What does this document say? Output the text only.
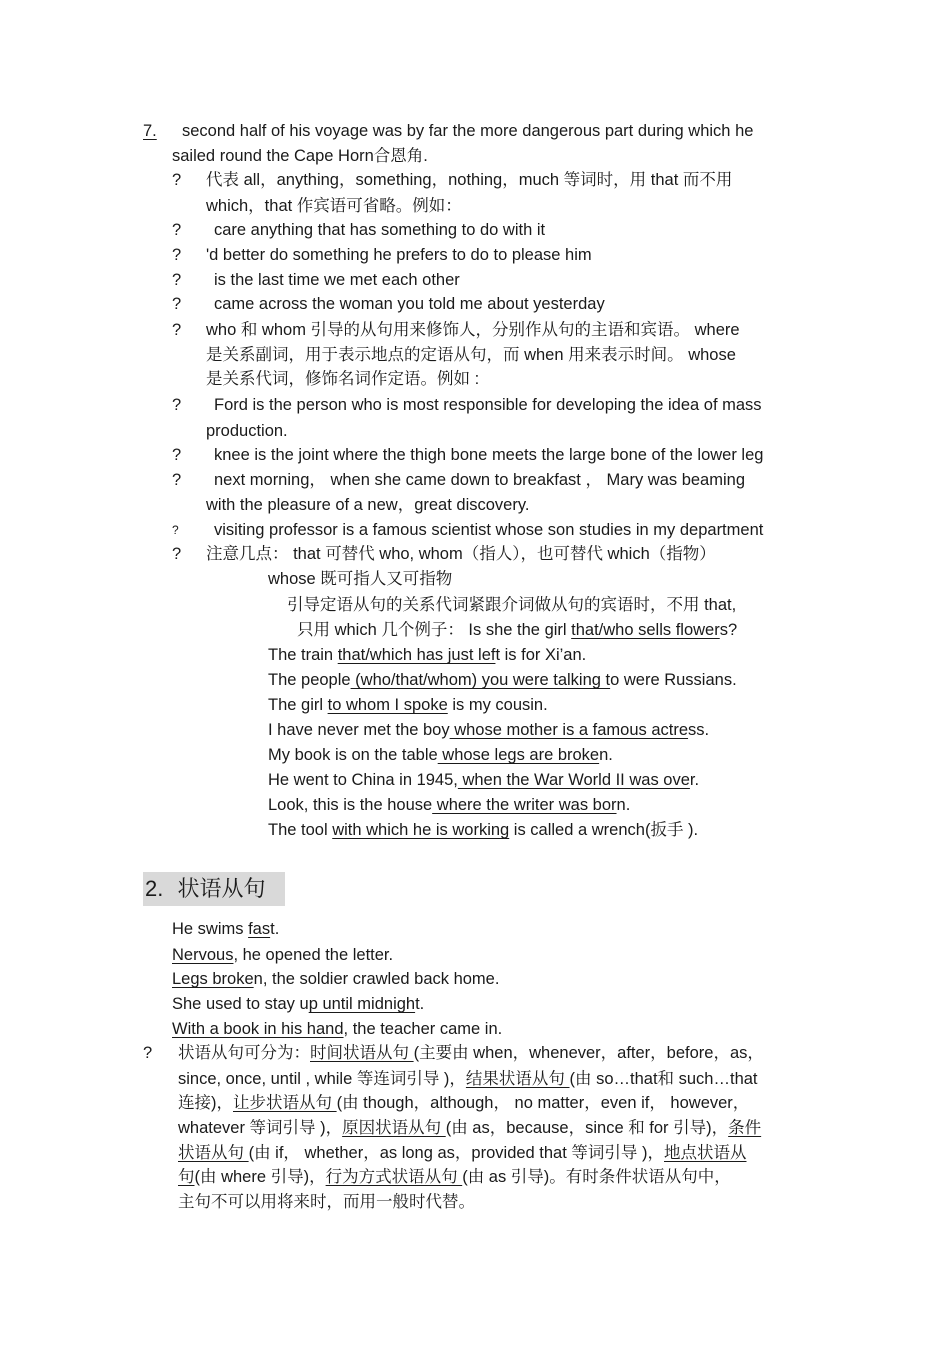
7. second half of his voyage was by far the more dangerous part during which he
sailed round the Cape Horn合恩角.
? 代表 all，anything，something，nothing，much 等词时，用 that 而不用
which，that 作宾语可省略。例如：
? care anything that has something to do with it
? 'd better do something he prefers to do to please him
? is the last time we met each other
? came across the woman you told me about yesterday
? who 和 whom 引导的从句用来修饰人，分别作从句的主语和宾语。 where
是关系副词，用于表示地点的定语从句，而 when 用来表示时间。 whose
是关系代词，修饰名词作定语。例如 :
? Ford is the person who is most responsible for developing the idea of mass
production.
? knee is the joint where the thigh bone meets the large bone of the lower leg
? next morning， when she came down to breakfast ， Mary was beaming
with the pleasure of a new，great discovery.
? visiting professor is a famous scientist whose son studies in my department
? 注意几点： that 可替代 who, whom（指人），也可替代 which（指物）
whose 既可指人又可指物
引导定语从句的关系代词紧跟介词做从句的宾语时，不用 that,
只用 which 几个例子： Is she the girl that/who sells flowers?
The train that/which has just left is for Xi’an.
The people (who/that/whom) you were talking to were Russians.
The girl to whom I spoke is my cousin.
I have never met the boy whose mother is a famous actress.
My book is on the table whose legs are broken.
He went to China in 1945, when the War World II was over.
Look, this is the house where the writer was born.
The tool with which he is working is called a wrench(扳手 ).
2. 状语从句
He swims fast.
Nervous, he opened the letter.
Legs broken, the soldier crawled back home.
She used to stay up until midnight.
With a book in his hand, the teacher came in.
? 状语从句可分为：时间状语从句 (主要由 when，whenever，after，before，as，
since, once, until , while 等连词引导 )，结果状语从句 (由 so…that和 such…that
连接)，让步状语从句 (由 though，although， no matter，even if， however，
whatever 等词引导 )，原因状语从句 (由 as，because，since 和 for 引导)，条件
状语从句 (由 if， whether，as long as，provided that 等词引导 )，地点状语从
句(由 where 引导)，行为方式状语从句 (由 as 引导)。有时条件状语从句中，
主句不可以用将来时，而用一般时代替。
